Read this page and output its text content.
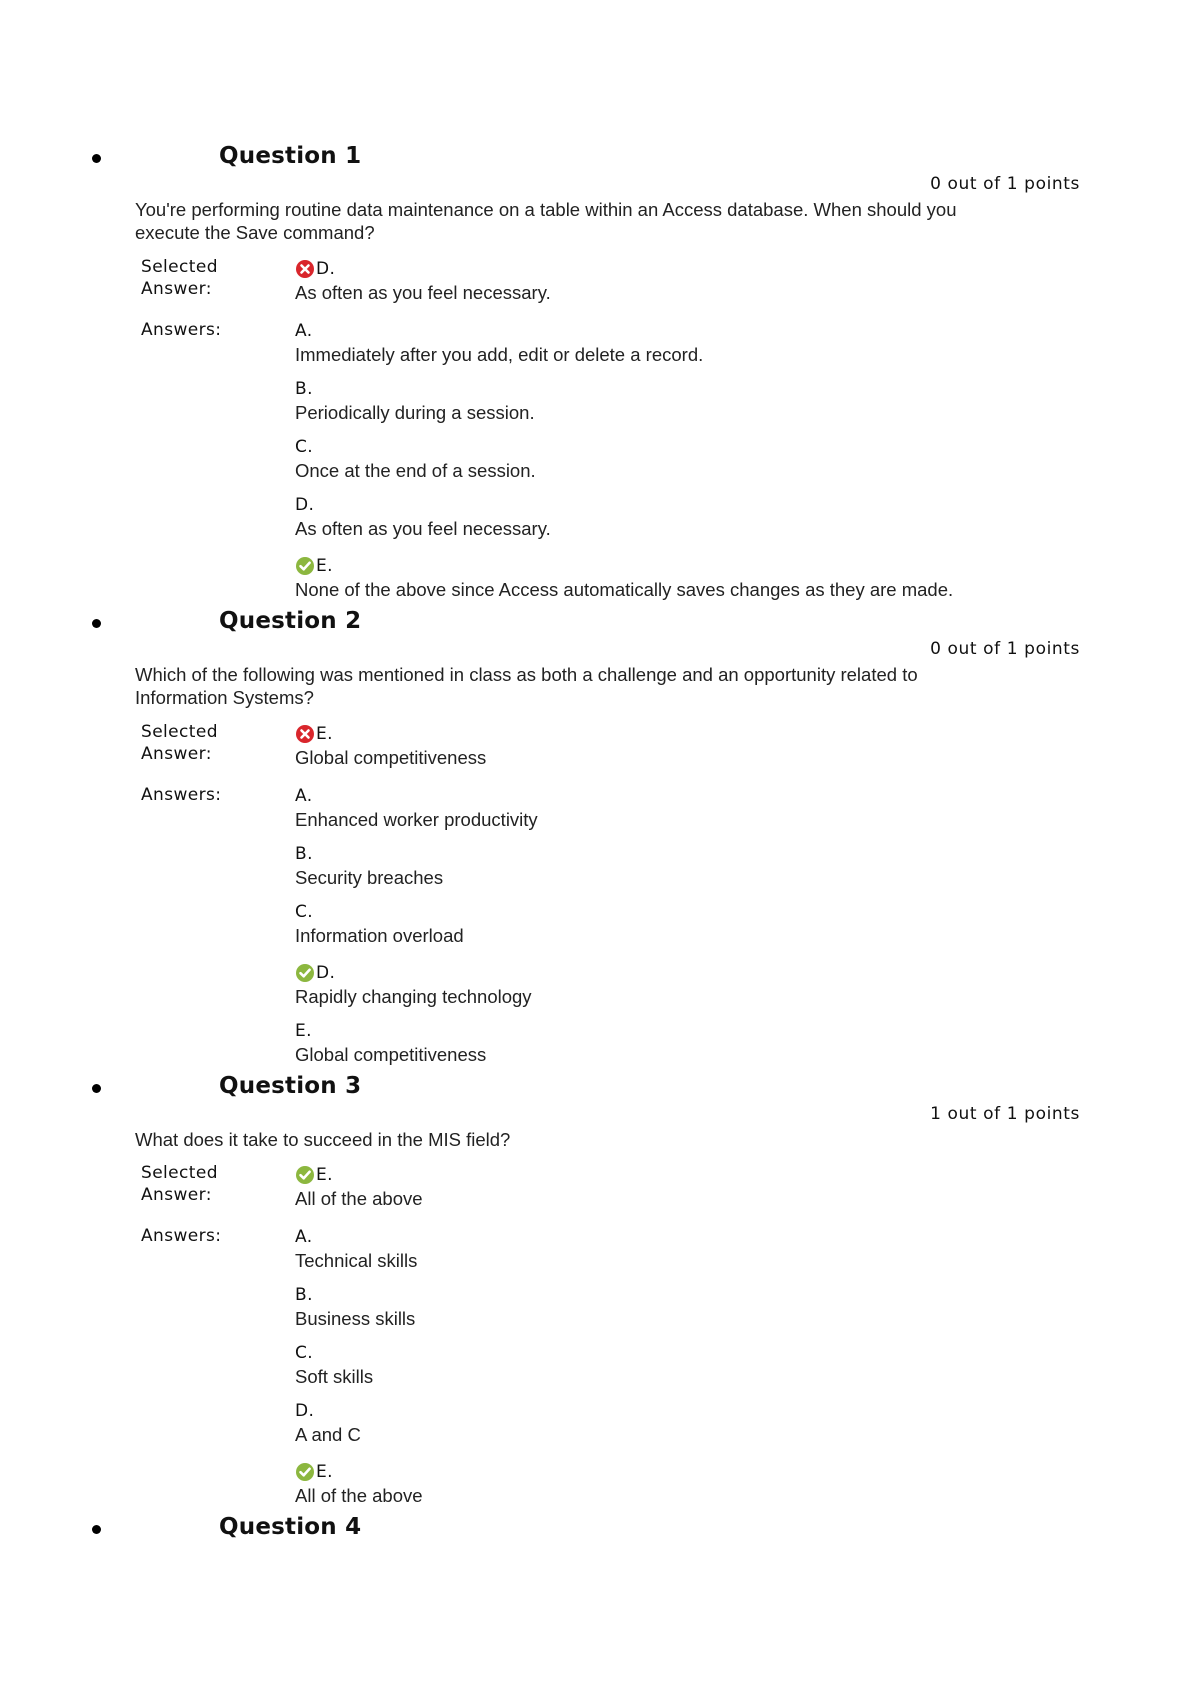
Question 1
0 out of 1 points
You're performing routine data maintenance on a table within an Access database. When should you execute the Save command?
Selected
Answer:
D.
As often as you feel necessary.
Answers:	A.
Immediately after you add, edit or delete a record.
B.
Periodically during a session.
C.
Once at the end of a session.
D.
As often as you feel necessary.
E.
None of the above since Access automatically saves changes as they are made.
Question 2
0 out of 1 points
Which of the following was mentioned in class as both a challenge and an opportunity related to Information Systems?
Selected
Answer:
E.
Global competitiveness
Answers:	A.
Enhanced worker productivity
B.
Security breaches
C.
Information overload
D.
Rapidly changing technology
E.
Global competitiveness
Question 3
1 out of 1 points
What does it take to succeed in the MIS field?
Selected
Answer:
E.
All of the above
Answers:	A.
Technical skills
B.
Business skills
C.
Soft skills
D.
A and C
E.
All of the above
Question 4
